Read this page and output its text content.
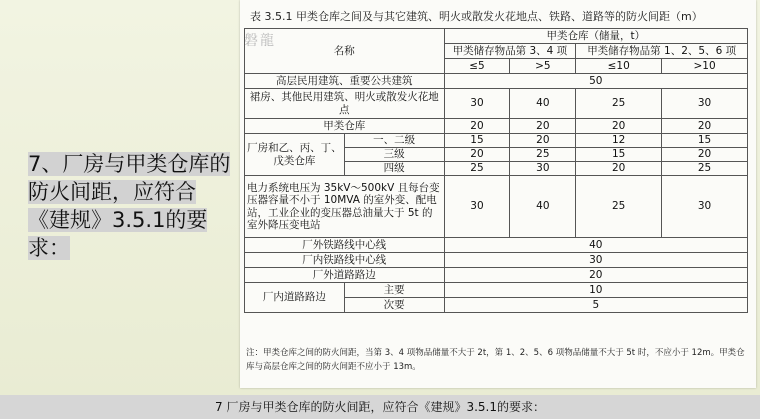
7、厂房与甲类仓库的防火间距，应符合《建规》3.5.1的要求：
表 3.5.1 甲类仓库之间及与其它建筑、明火或散发火花地点、铁路、道路等的防火间距（m）
磐龍
名称		甲类仓库（储量，t）			
		甲类储存物品第 3、4 项		甲类储存物品第 1、2、5、6 项	
		≤5	>5	≤10	>10
高层民用建筑、重要公共建筑		50			
裙房、其他民用建筑、明火或散发火花地点		30	40	25	30
甲类仓库		20	20	20	20
厂房和乙、丙、丁、戊类仓库	一、二级	15	20	12	15
	三级	20	25	15	20
	四级	25	30	20	25
电力系统电压为 35kV～500kV 且每台变压器容量不小于 10MVA 的室外变、配电站，工业企业的变压器总油量大于 5t 的室外降压变电站		30	40	25	30
厂外铁路线中心线		40			
厂内铁路线中心线		30			
厂外道路路边		20			
厂内道路路边	主要	10			
	次要	5			
注：甲类仓库之间的防火间距，当第 3、4 项物品储量不大于 2t，第 1、2、5、6 项物品储量不大于 5t 时，不应小于 12m。甲类仓库与高层仓库之间的防火间距不应小于 13m。
7 厂房与甲类仓库的防火间距，应符合《建规》3.5.1的要求：
